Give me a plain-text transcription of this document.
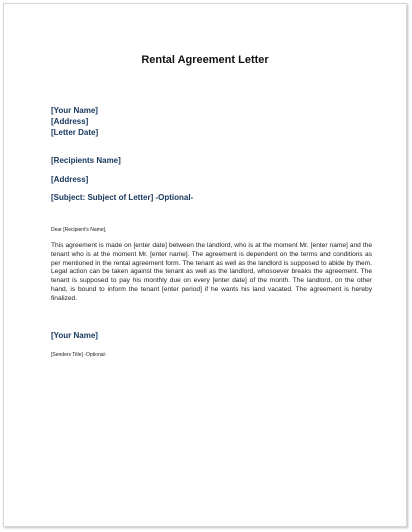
Rental Agreement Letter
[Your Name]
[Address]
[Letter Date]
[Recipients Name]
[Address]
[Subject: Subject of Letter] -Optional-
Dear [Recipient's Name],
This agreement is made on [enter date] between the landlord, who is at the moment Mr. [enter name] and the tenant who is at the moment Mr. [enter name]. The agreement is dependent on the terms and conditions as per mentioned in the rental agreement form. The tenant as well as the landlord is supposed to abide by them. Legal action can be taken against the tenant as well as the landlord, whosoever breaks the agreement. The tenant is supposed to pay his monthly due on every [enter date] of the month. The landlord, on the other hand, is bound to inform the tenant [enter period] if he wants his land vacated. The agreement is hereby finalized.
[Your Name]
[Senders Title] -Optional-
